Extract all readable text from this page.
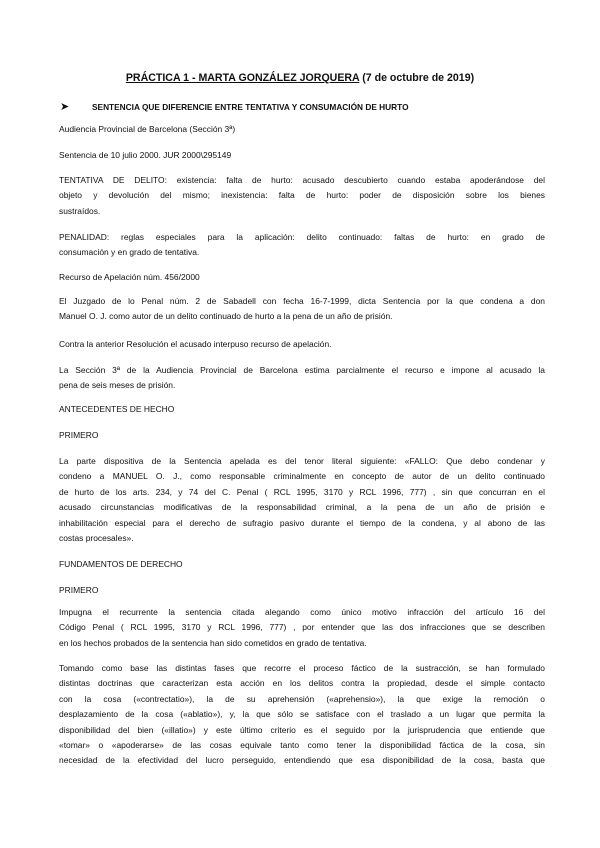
PRÁCTICA 1 - MARTA GONZÁLEZ JORQUERA (7 de octubre de 2019)
➤	SENTENCIA QUE DIFERENCIE ENTRE TENTATIVA Y CONSUMACIÓN DE HURTO
Audiencia Provincial de Barcelona (Sección 3ª)
Sentencia de 10 julio 2000. JUR 2000\295149
TENTATIVA DE DELITO: existencia: falta de hurto: acusado descubierto cuando estaba apoderándose del
objeto y devolución del mismo; inexistencia: falta de hurto: poder de disposición sobre los bienes
sustraídos.
PENALIDAD: reglas especiales para la aplicación: delito continuado: faltas de hurto: en grado de
consumación y en grado de tentativa.
Recurso de Apelación núm. 456/2000
El Juzgado de lo Penal núm. 2 de Sabadell con fecha 16-7-1999, dicta Sentencia por la que condena a don
Manuel O. J. como autor de un delito continuado de hurto a la pena de un año de prisión.
Contra la anterior Resolución el acusado interpuso recurso de apelación.
La Sección 3ª de la Audiencia Provincial de Barcelona estima parcialmente el recurso e impone al acusado la
pena de seis meses de prisión.
ANTECEDENTES DE HECHO
PRIMERO
La parte dispositiva de la Sentencia apelada es del tenor literal siguiente: «FALLO: Que debo condenar y
condeno a MANUEL O. J., como responsable criminalmente en concepto de autor de un delito continuado
de hurto de los arts. 234, y 74 del C. Penal ( RCL 1995, 3170 y RCL 1996, 777) , sin que concurran en el
acusado circunstancias modificativas de la responsabilidad criminal, a la pena de un año de prisión e
inhabilitación especial para el derecho de sufragio pasivo durante el tiempo de la condena, y al abono de las
costas procesales».
FUNDAMENTOS DE DERECHO
PRIMERO
Impugna el recurrente la sentencia citada alegando como único motivo infracción del artículo 16 del
Código Penal ( RCL 1995, 3170 y RCL 1996, 777) , por entender que las dos infracciones que se describen
en los hechos probados de la sentencia han sido cometidos en grado de tentativa.
Tomando como base las distintas fases que recorre el proceso fáctico de la sustracción, se han formulado
distintas doctrinas que caracterizan esta acción en los delitos contra la propiedad, desde el simple contacto
con la cosa («contrectatio»), la de su aprehensión («aprehensio»), la que exige la remoción o
desplazamiento de la cosa («ablatio»), y, la que sólo se satisface con el traslado a un lugar que permita la
disponibilidad del bien («illatio») y este último criterio es el seguido por la jurisprudencia que entiende que
«tomar» o «apoderarse» de las cosas equivale tanto como tener la disponibilidad fáctica de la cosa, sin
necesidad de la efectividad del lucro perseguido, entendiendo que esa disponibilidad de la cosa, basta que
